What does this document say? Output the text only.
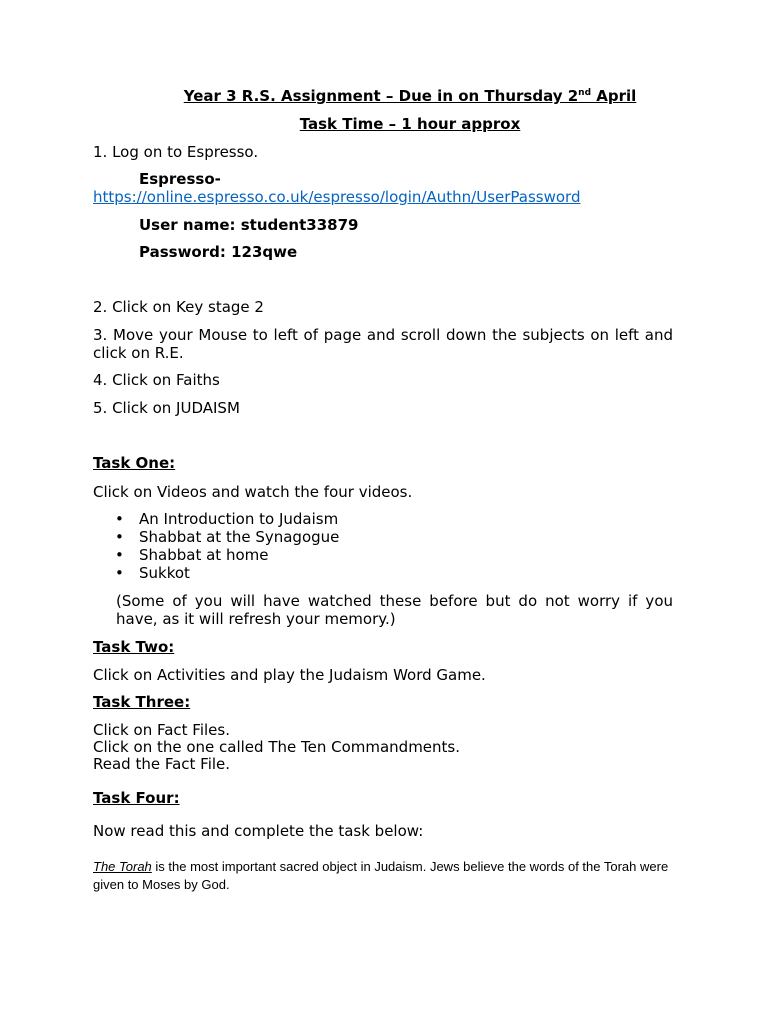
Year 3 R.S. Assignment – Due in on Thursday 2nd April
Task Time – 1 hour approx
1. Log on to Espresso.
Espresso-
https://online.espresso.co.uk/espresso/login/Authn/UserPassword
User name: student33879
Password: 123qwe
2. Click on Key stage 2
3. Move your Mouse to left of page and scroll down the subjects on left and click on R.E.
4. Click on Faiths
5. Click on JUDAISM
Task One:
Click on Videos and watch the four videos.
• An Introduction to Judaism
• Shabbat at the Synagogue
• Shabbat at home
• Sukkot
(Some of you will have watched these before but do not worry if you have, as it will refresh your memory.)
Task Two:
Click on Activities and play the Judaism Word Game.
Task Three:
Click on Fact Files.
Click on the one called The Ten Commandments.
Read the Fact File.
Task Four:
Now read this and complete the task below:
The Torah is the most important sacred object in Judaism. Jews believe the words of the Torah were given to Moses by God.
